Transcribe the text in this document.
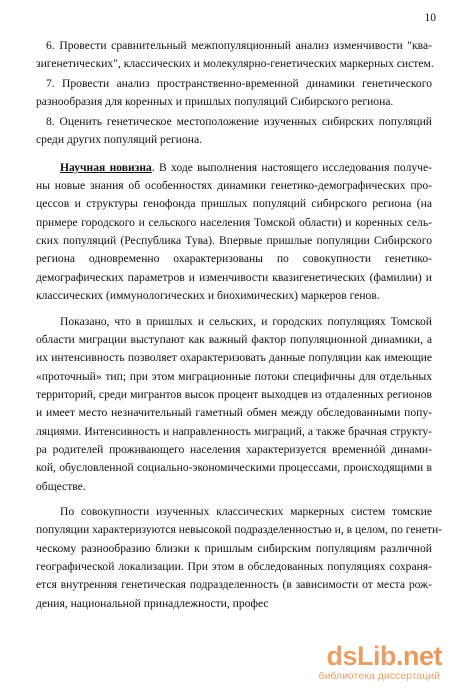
10
6. Провести сравнительный межпопуляционный анализ изменчивости "ква-
зигенетических", классических и молекулярно-генетических маркерных систем.
7. Провести анализ пространственно-временной динамики генетического
разнообразия для коренных и пришлых популяций Сибирского региона.
8. Оценить генетическое местоположение изученных сибирских популяций
среди других популяций региона.
Научная новизна. В ходе выполнения настоящего исследования получе-
ны новые знания об особенностях динамики генетико-демографических про-
цессов и структуры генофонда пришлых популяций сибирского региона (на
примере городского и сельского населения Томской области) и коренных сель-
ских популяций (Республика Тува). Впервые пришлые популяции Сибирского
региона одновременно охарактеризованы по совокупности генетико-
демографических параметров и изменчивости квазигенетических (фамилии) и
классических (иммунологических и биохимических) маркеров генов.
Показано, что в пришлых и сельских, и городских популяциях Томской
области миграции выступают как важный фактор популяционной динамики, а
их интенсивность позволяет охарактеризовать данные популяции как имеющие
«проточный» тип; при этом миграционные потоки специфичны для отдельных
территорий, среди мигрантов высок процент выходцев из отдаленных регионов
и имеет место незначительный гаметный обмен между обследованными попу-
ляциями. Интенсивность и направленность миграций, а также брачная структу-
ра родителей проживающего населения характеризуется временнóй динами-
кой, обусловленной социально-экономическими процессами, происходящими в
обществе.
По совокупности изученных классических маркерных систем томские
популяции характеризуются невысокой подразделенностью и, в целом, по генети-
ческому разнообразию близки к пришлым сибирским популяциям различной
географической локализации. При этом в обследованных популяциях сохраня-
ется внутренняя генетическая подразделенность (в зависимости от места рож-
дения, национальной принадлежности, профес
dsLib.net
библиотека диссертаций
